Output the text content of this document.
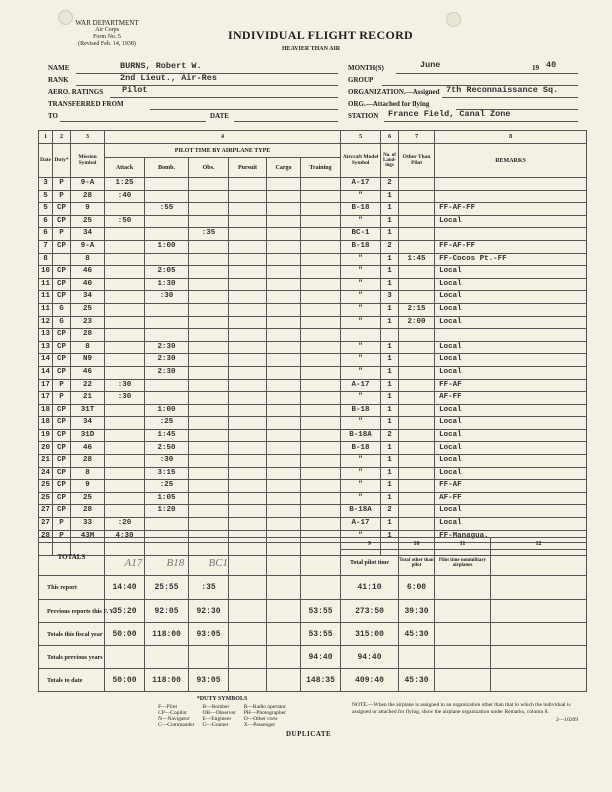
WAR DEPARTMENT
Air Corps
Form No. 5
(Revised Feb. 14, 1938)
INDIVIDUAL FLIGHT RECORD
HEAVIER THAN AIR
NAME	BURNS, Robert W.
RANK	2nd Lieut., Air-Res
AERO. RATINGS Pilot
TRANSFERRED FROM
TO	DATE
MONTH(S)	June	19 40
GROUP
ORGANIZATION.—Assigned 7th Reconnaissance Sq.
ORG.—Attached for flying
STATION France Field, Canal Zone
1	2	3	4						5	6	7	8
Date	Duty*	Mission Symbol	PILOT TIME BY AIRPLANE TYPE						Aircraft Model Symbol	No. of Land-ings	Other Than Pilot	REMARKS
			Attack	Bomb.	Obs.	Pursuit	Cargo	Training				
3	P	9-A	1:25						A-17	2		
5	P	28	:40						"	1		
5	CP	9		:55					B-18	1		FF-AF-FF
6	CP	25	:50						"	1		Local
6	P	34			:35				BC-1	1		
7	CP	9-A		1:00					B-18	2		FF-AF-FF
8		8							"	1	1:45	FF-Cocos Pt.-FF
10	CP	46		2:05					"	1		Local
11	CP	40		1:30					"	1		Local
11	CP	34		:30					"	3		Local
11	G	25							"	1	2:15	Local
12	G	23							"	1	2:00	Local
13	CP	28										
13	CP	8		2:30					"	1		Local
14	CP	N9		2:30					"	1		Local
14	CP	46		2:30					"	1		Local
17	P	22	:30						A-17	1		FF-AF
17	P	21	:30						"	1		AF-FF
18	CP	31T		1:00					B-18	1		Local
18	CP	34		:25					"	1		Local
19	CP	31D		1:45					B-18A	2		Local
20	CP	46		2:50					B-18	1		Local
21	CP	28		:30					"	1		Local
24	CP	8		3:15					"	1		Local
25	CP	9		:25					"	1		FF-AF
25	CP	25		1:05					"	1		AF-FF
27	CP	28		1:20					B-18A	2		Local
27	P	33	:20						A-17	1		Local
28	P	43M	4:30						"	1		FF-Managua.

TOTALS	A17	B18	BC1				9	10	11	12
							Total pilot time	Total other than pilot	Pilot time nonmilitary airplanes	
This report	14:40	25:55	:35				41:10	6:00		
Previous reports this F. Y.	35:20	92:05	92:30			53:55	273:50	39:30		
Totals this fiscal year	50:00	118:00	93:05			53:55	315:00	45:30		
Totals previous years						94:40	94:40			
Totals to date	50:00	118:00	93:05			148:35	409:40	45:30		
*DUTY SYMBOLS
F—Pilot
CP—Copilot
N—Navigator
C—Commander
B—Bomber
OB—Observer
E—Engineer
G—Gunner
R—Radio operator
PH—Photographer
O—Other crew
X—Passenger
NOTE.—When the airplane is assigned to an organization other than that to which the individual is assigned or attached for flying, show the airplane organization under Remarks, column 8.
2—10209
DUPLICATE
